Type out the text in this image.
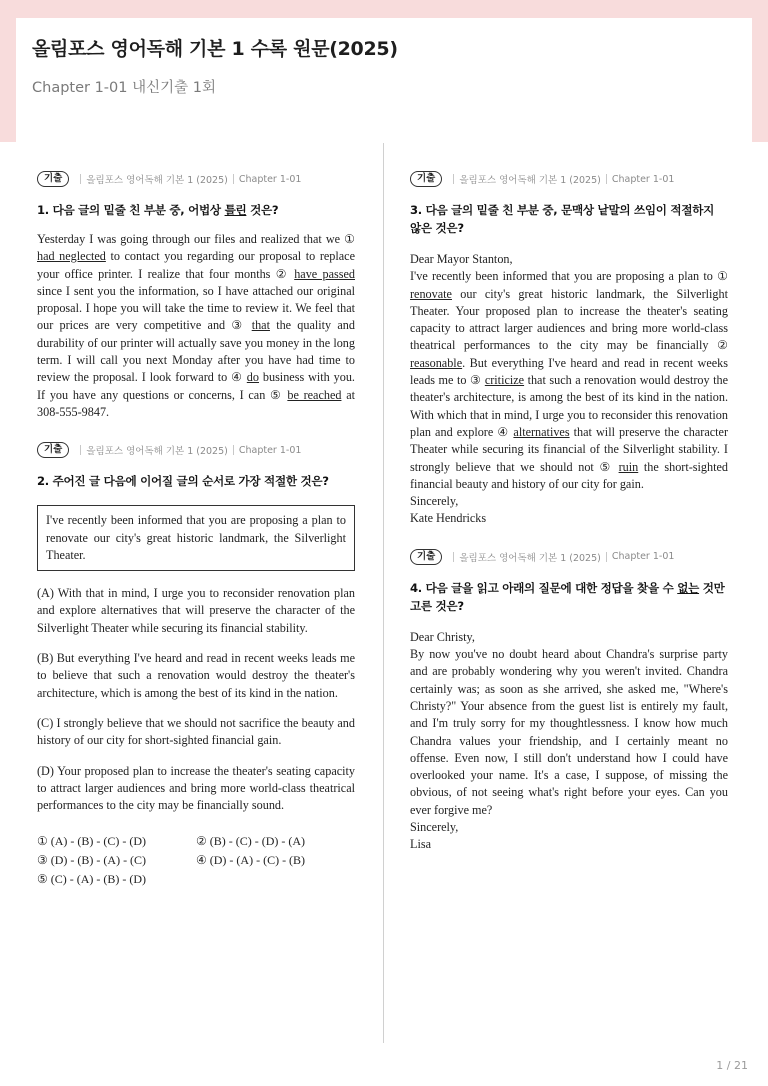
올림포스 영어독해 기본 1 수록 원문(2025)
Chapter 1-01 내신기출 1회
기출	올림포스 영어독해 기본 1 (2025) Chapter 1-01
1. 다음 글의 밑줄 친 부분 중, 어법상 틀린 것은?
Yesterday I was going through our files and realized that we ① had neglected to contact you regarding our proposal to replace your office printer. I realize that four months ② have passed since I sent you the information, so I have attached our original proposal. I hope you will take the time to review it. We feel that our prices are very competitive and ③ that the quality and durability of our printer will actually save you money in the long term. I will call you next Monday after you have had time to review the proposal. I look forward to ④ do business with you. If you have any questions or concerns, I can ⑤ be reached at 308-555-9847.
기출	올림포스 영어독해 기본 1 (2025) Chapter 1-01
2. 주어진 글 다음에 이어질 글의 순서로 가장 적절한 것은?
I've recently been informed that you are proposing a plan to renovate our city's great historic landmark, the Silverlight Theater.
(A) With that in mind, I urge you to reconsider renovation plan and explore alternatives that will preserve the character of the Silverlight Theater while securing its financial stability.
(B) But everything I've heard and read in recent weeks leads me to believe that such a renovation would destroy the theater's architecture, which is among the best of its kind in the nation.
(C) I strongly believe that we should not sacrifice the beauty and history of our city for short-sighted financial gain.
(D) Your proposed plan to increase the theater's seating capacity to attract larger audiences and bring more world-class theatrical performances to the city may be financially sound.
① (A) - (B) - (C) - (D)	② (B) - (C) - (D) - (A)
③ (D) - (B) - (A) - (C)	④ (D) - (A) - (C) - (B)
⑤ (C) - (A) - (B) - (D)
기출	올림포스 영어독해 기본 1 (2025) Chapter 1-01
3. 다음 글의 밑줄 친 부분 중, 문맥상 낱말의 쓰임이 적절하지 않은 것은?

Dear Mayor Stanton,

I've recently been informed that you are proposing a plan to ① renovate our city's great historic landmark, the Silverlight Theater. Your proposed plan to increase the theater's seating capacity to attract larger audiences and bring more world-class theatrical performances to the city may be financially ② reasonable. But everything I've heard and read in recent weeks leads me to ③ criticize that such a renovation would destroy the theater's architecture, is among the best of its kind in the nation. With which that in mind, I urge you to reconsider this renovation plan and explore ④ alternatives that will preserve the character Theater while securing its financial of the Silverlight stability. I strongly believe that we should not ⑤ ruin the short-sighted financial beauty and history of our city for gain.

Sincerely,

Kate Hendricks

기출	올림포스 영어독해 기본 1 (2025) Chapter 1-01
4. 다음 글을 읽고 아래의 질문에 대한 정답을 찾을 수 없는 것만 고른 것은?

Dear Christy,

By now you've no doubt heard about Chandra's surprise party and are probably wondering why you weren't invited. Chandra certainly was; as soon as she arrived, she asked me, "Where's Christy?" Your absence from the guest list is entirely my fault, and I'm truly sorry for my thoughtlessness. I know how much Chandra values your friendship, and I certainly meant no offense. Even now, I still don't understand how I could have overlooked your name. It's a case, I suppose, of missing the obvious, of not seeing what's right before your eyes. Can you ever forgive me?

Sincerely,

Lisa

1 / 21
